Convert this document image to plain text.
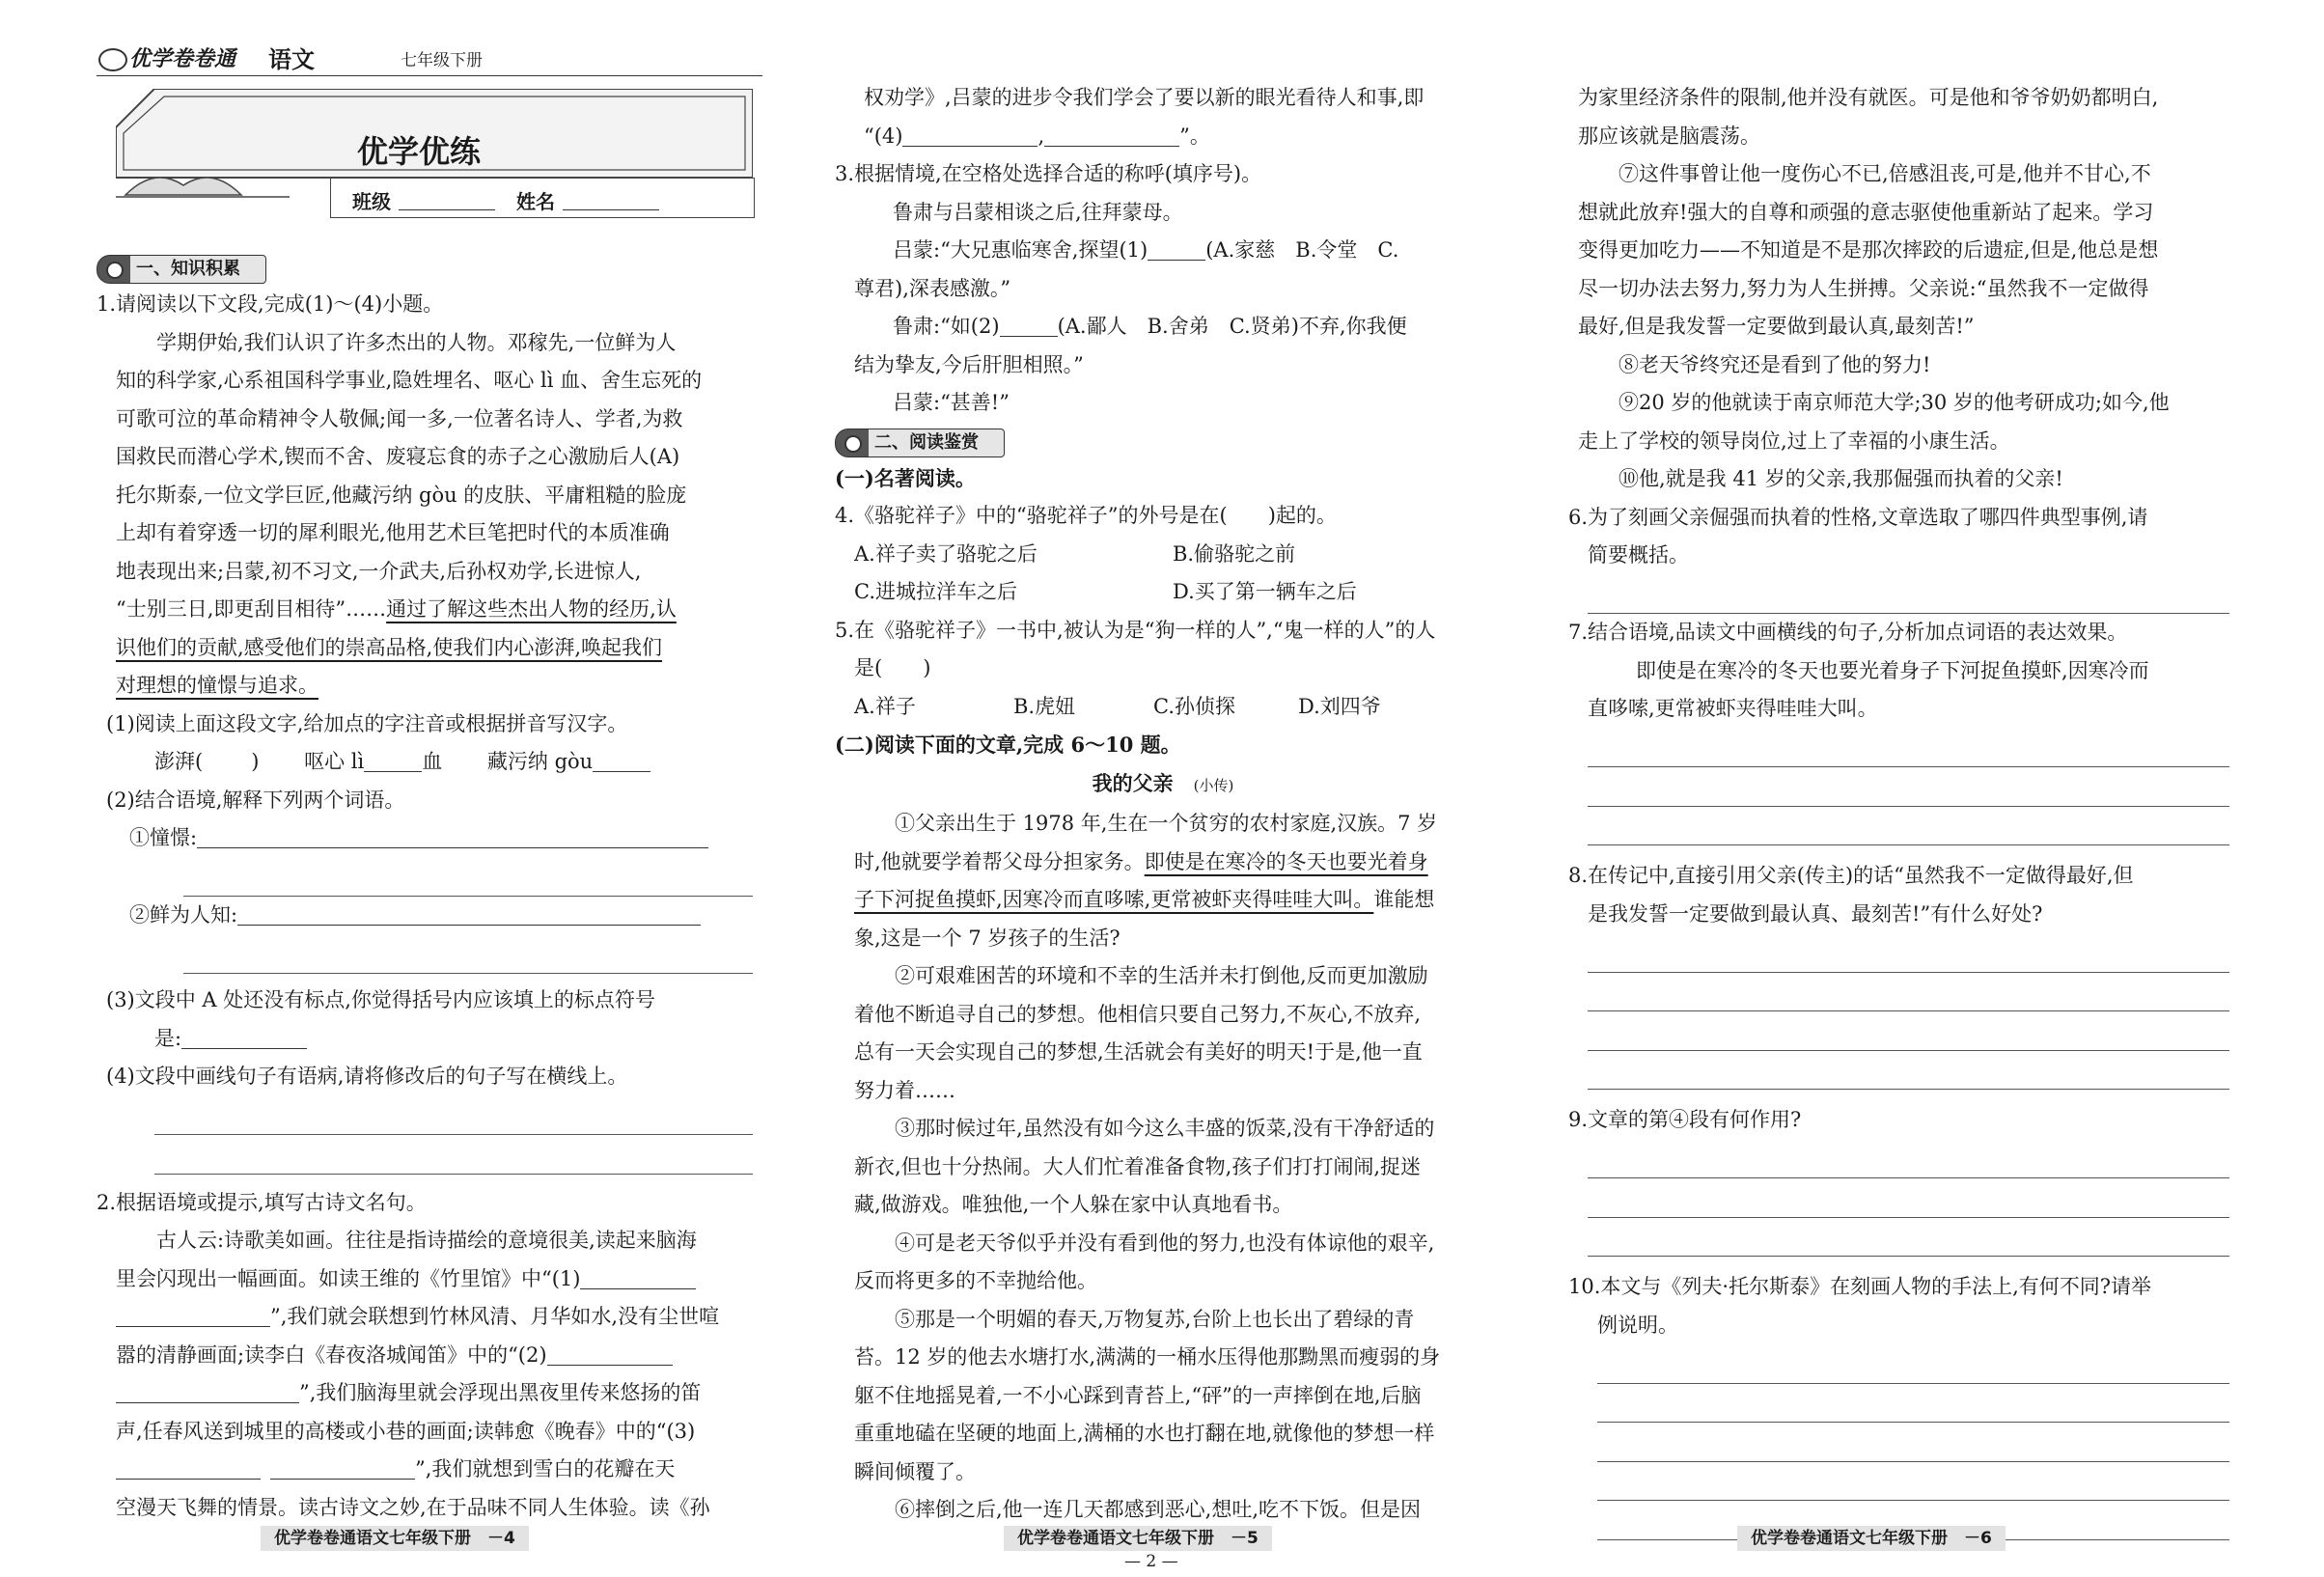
优学卷卷通 语文	七年级下册
优学优练
班级	姓名
一、知识积累

1.请阅读以下文段,完成(1)～(4)小题。

学期伊始,我们认识了许多杰出的人物。邓稼先,一位鲜为人

知的科学家,心系祖国科学事业,隐姓埋名、呕心 lì 血、舍生忘死的

可歌可泣的革命精神令人敬佩;闻一多,一位著名诗人、学者,为救

国救民而潜心学术,锲而不舍、废寝忘食的赤子之心激励后人(A)

托尔斯泰,一位文学巨匠,他藏污纳 gòu 的皮肤、平庸粗糙的脸庞

上却有着穿透一切的犀利眼光,他用艺术巨笔把时代的本质准确

地表现出来;吕蒙,初不习文,一介武夫,后孙权劝学,长进惊人,

“士别三日,即更刮目相待”……通过了解这些杰出人物的经历,认

识他们的贡献,感受他们的崇高品格,使我们内心澎湃,唤起我们

对理想的憧憬与追求。

(1)阅读上面这段文字,给加点的字注音或根据拼音写汉字。

澎湃( ) 呕心 lì	血 藏污纳 gòu

(2)结合语境,解释下列两个词语。

①憧憬:

②鲜为人知:

(3)文段中 A 处还没有标点,你觉得括号内应该填上的标点符号

是:

(4)文段中画线句子有语病,请将修改后的句子写在横线上。

2.根据语境或提示,填写古诗文名句。

古人云:诗歌美如画。往往是指诗描绘的意境很美,读起来脑海

里会闪现出一幅画面。如读王维的《竹里馆》中“(1)

”,我们就会联想到竹林风清、月华如水,没有尘世喧

嚣的清静画面;读李白《春夜洛城闻笛》中的“(2)

”,我们脑海里就会浮现出黑夜里传来悠扬的笛

声,任春风送到城里的高楼或小巷的画面;读韩愈《晚春》中的“(3)

”,我们就想到雪白的花瓣在天

空漫天飞舞的情景。读古诗文之妙,在于品味不同人生体验。读《孙

优学卷卷通语文七年级下册　－4

权劝学》,吕蒙的进步令我们学会了要以新的眼光看待人和事,即

“(4)	,	”。

3.根据情境,在空格处选择合适的称呼(填序号)。

鲁肃与吕蒙相谈之后,往拜蒙母。

吕蒙:“大兄惠临寒舍,探望(1)	(A.家慈　B.令堂　C.

尊君),深表感激。”

鲁肃:“如(2)	(A.鄙人　B.舍弟　C.贤弟)不弃,你我便

结为挚友,今后肝胆相照。”

吕蒙:“甚善!”

二、阅读鉴赏

(一)名著阅读。

4.《骆驼祥子》中的“骆驼祥子”的外号是在(　　)起的。

A.祥子卖了骆驼之后	B.偷骆驼之前

C.进城拉洋车之后	D.买了第一辆车之后

5.在《骆驼祥子》一书中,被认为是“狗一样的人”,“鬼一样的人”的人

是(　　)

A.祥子	B.虎妞	C.孙侦探	D.刘四爷

(二)阅读下面的文章,完成 6～10 题。

我的父亲　 (小传)

①父亲出生于 1978 年,生在一个贫穷的农村家庭,汉族。7 岁

时,他就要学着帮父母分担家务。即使是在寒冷的冬天也要光着身

子下河捉鱼摸虾,因寒冷而直哆嗦,更常被虾夹得哇哇大叫。谁能想

象,这是一个 7 岁孩子的生活?

②可艰难困苦的环境和不幸的生活并未打倒他,反而更加激励

着他不断追寻自己的梦想。他相信只要自己努力,不灰心,不放弃,

总有一天会实现自己的梦想,生活就会有美好的明天!于是,他一直

努力着……

③那时候过年,虽然没有如今这么丰盛的饭菜,没有干净舒适的

新衣,但也十分热闹。大人们忙着准备食物,孩子们打打闹闹,捉迷

藏,做游戏。唯独他,一个人躲在家中认真地看书。

④可是老天爷似乎并没有看到他的努力,也没有体谅他的艰辛,

反而将更多的不幸抛给他。

⑤那是一个明媚的春天,万物复苏,台阶上也长出了碧绿的青

苔。12 岁的他去水塘打水,满满的一桶水压得他那黝黑而瘦弱的身

躯不住地摇晃着,一不小心踩到青苔上,“砰”的一声摔倒在地,后脑

重重地磕在坚硬的地面上,满桶的水也打翻在地,就像他的梦想一样

瞬间倾覆了。

⑥摔倒之后,他一连几天都感到恶心,想吐,吃不下饭。但是因

优学卷卷通语文七年级下册　－5
— 2 —

为家里经济条件的限制,他并没有就医。可是他和爷爷奶奶都明白,

那应该就是脑震荡。

⑦这件事曾让他一度伤心不已,倍感沮丧,可是,他并不甘心,不

想就此放弃!强大的自尊和顽强的意志驱使他重新站了起来。学习

变得更加吃力——不知道是不是那次摔跤的后遗症,但是,他总是想

尽一切办法去努力,努力为人生拼搏。父亲说:“虽然我不一定做得

最好,但是我发誓一定要做到最认真,最刻苦!”

⑧老天爷终究还是看到了他的努力!

⑨20 岁的他就读于南京师范大学;30 岁的他考研成功;如今,他

走上了学校的领导岗位,过上了幸福的小康生活。

⑩他,就是我 41 岁的父亲,我那倔强而执着的父亲!

6.为了刻画父亲倔强而执着的性格,文章选取了哪四件典型事例,请

简要概括。

7.结合语境,品读文中画横线的句子,分析加点词语的表达效果。

即使是在寒冷的冬天也要光着身子下河捉鱼摸虾,因寒冷而

直哆嗦,更常被虾夹得哇哇大叫。

8.在传记中,直接引用父亲(传主)的话“虽然我不一定做得最好,但

是我发誓一定要做到最认真、最刻苦!”有什么好处?

9.文章的第④段有何作用?

10.本文与《列夫·托尔斯泰》在刻画人物的手法上,有何不同?请举

例说明。

优学卷卷通语文七年级下册　－6
